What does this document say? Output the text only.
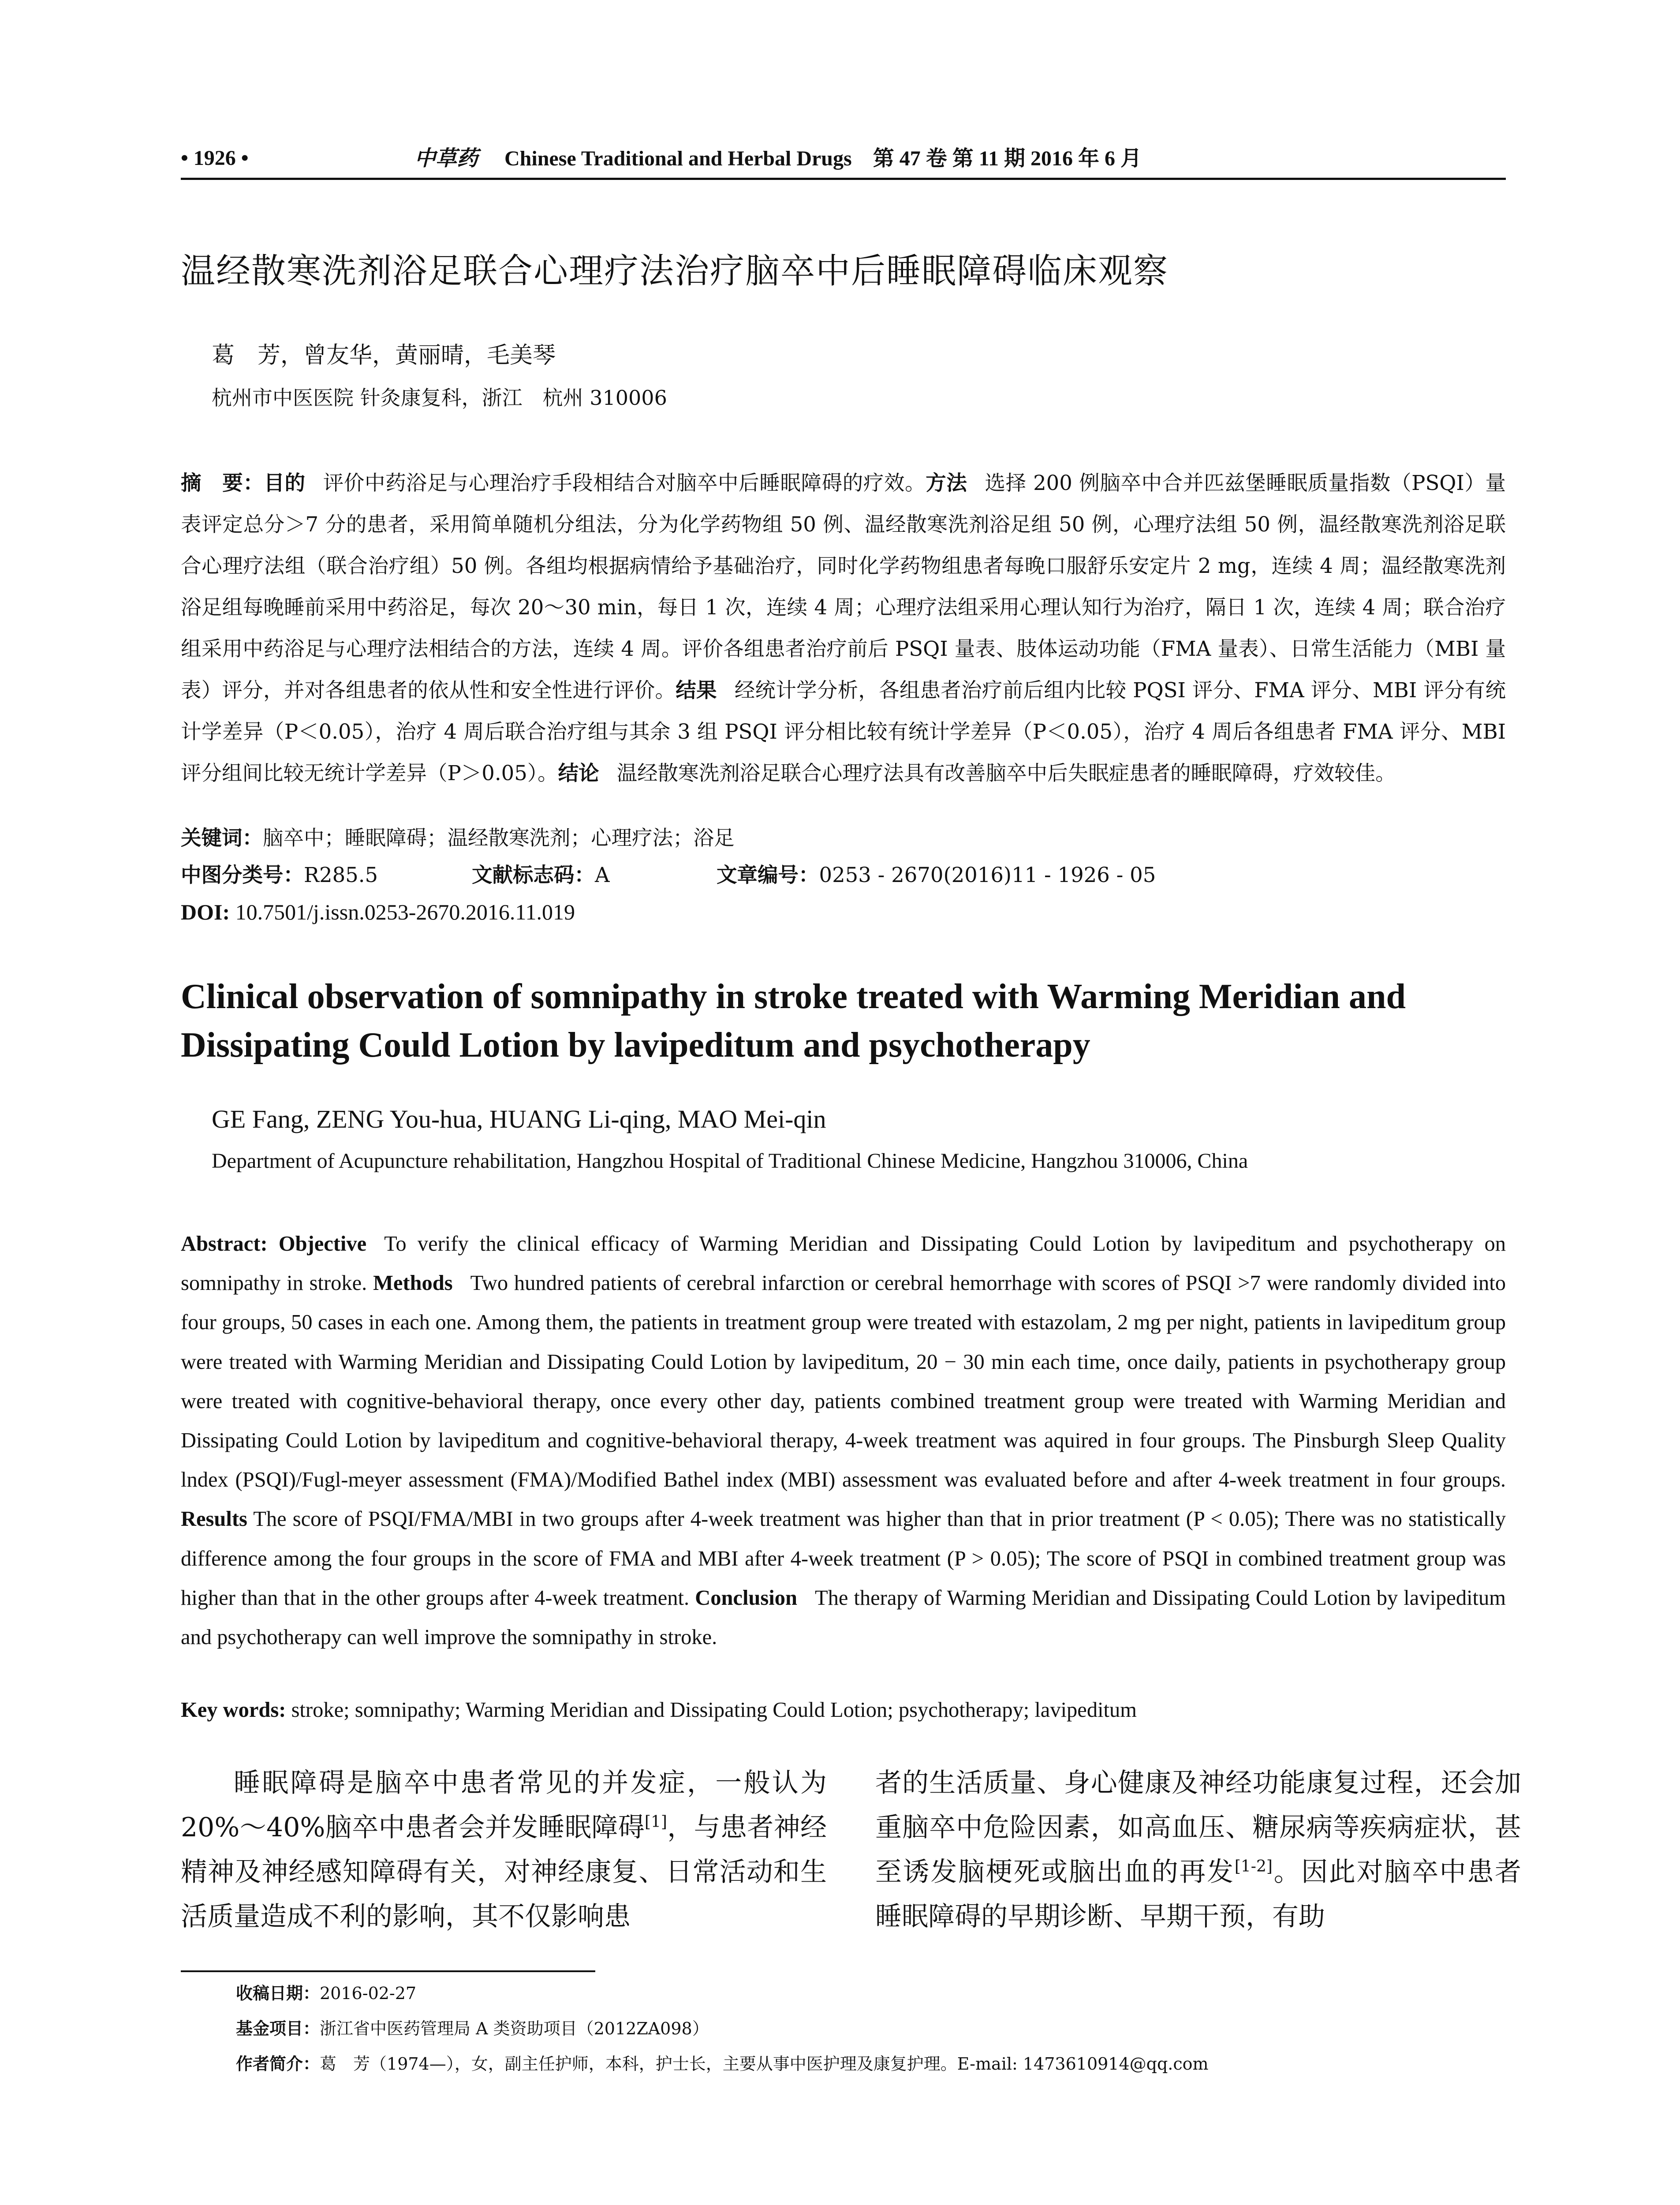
• 1926 •	中草药 Chinese Traditional and Herbal Drugs　 第 47 卷 第 11 期 2016 年 6 月
温经散寒洗剂浴足联合心理疗法治疗脑卒中后睡眠障碍临床观察
葛　芳，曾友华，黄丽晴，毛美琴
杭州市中医医院 针灸康复科，浙江　杭州 310006

摘　要：目的 评价中药浴足与心理治疗手段相结合对脑卒中后睡眠障碍的疗效。方法 选择 200 例脑卒中合并匹兹堡睡眠质量指数（PSQI）量表评定总分＞7 分的患者，采用简单随机分组法，分为化学药物组 50 例、温经散寒洗剂浴足组 50 例，心理疗法组 50 例，温经散寒洗剂浴足联合心理疗法组（联合治疗组）50 例。各组均根据病情给予基础治疗，同时化学药物组患者每晚口服舒乐安定片 2 mg，连续 4 周；温经散寒洗剂浴足组每晚睡前采用中药浴足，每次 20～30 min，每日 1 次，连续 4 周；心理疗法组采用心理认知行为治疗，隔日 1 次，连续 4 周；联合治疗组采用中药浴足与心理疗法相结合的方法，连续 4 周。评价各组患者治疗前后 PSQI 量表、肢体运动功能（FMA 量表）、日常生活能力（MBI 量表）评分，并对各组患者的依从性和安全性进行评价。结果 经统计学分析，各组患者治疗前后组内比较 PQSI 评分、FMA 评分、MBI 评分有统计学差异（P＜0.05），治疗 4 周后联合治疗组与其余 3 组 PSQI 评分相比较有统计学差异（P＜0.05），治疗 4 周后各组患者 FMA 评分、MBI 评分组间比较无统计学差异（P＞0.05）。结论 温经散寒洗剂浴足联合心理疗法具有改善脑卒中后失眠症患者的睡眠障碍，疗效较佳。

关键词：脑卒中；睡眠障碍；温经散寒洗剂；心理疗法；浴足
中图分类号：R285.5	文献标志码：A	文章编号：0253 - 2670(2016)11 - 1926 - 05
DOI: 10.7501/j.issn.0253-2670.2016.11.019
Clinical observation of somnipathy in stroke treated with Warming Meridian and Dissipating Could Lotion by lavipeditum and psychotherapy
GE Fang, ZENG You-hua, HUANG Li-qing, MAO Mei-qin
Department of Acupuncture rehabilitation, Hangzhou Hospital of Traditional Chinese Medicine, Hangzhou 310006, China

Abstract: Objective To verify the clinical efficacy of Warming Meridian and Dissipating Could Lotion by lavipeditum and psychotherapy on somnipathy in stroke. Methods Two hundred patients of cerebral infarction or cerebral hemorrhage with scores of PSQI >7 were randomly divided into four groups, 50 cases in each one. Among them, the patients in treatment group were treated with estazolam, 2 mg per night, patients in lavipeditum group were treated with Warming Meridian and Dissipating Could Lotion by lavipeditum, 20 − 30 min each time, once daily, patients in psychotherapy group were treated with cognitive-behavioral therapy, once every other day, patients combined treatment group were treated with Warming Meridian and Dissipating Could Lotion by lavipeditum and cognitive-behavioral therapy, 4-week treatment was aquired in four groups. The Pinsburgh Sleep Quality lndex (PSQI)/Fugl-meyer assessment (FMA)/Modified Bathel index (MBI) assessment was evaluated before and after 4-week treatment in four groups. Results The score of PSQI/FMA/MBI in two groups after 4-week treatment was higher than that in prior treatment (P < 0.05); There was no statistically difference among the four groups in the score of FMA and MBI after 4-week treatment (P > 0.05); The score of PSQI in combined treatment group was higher than that in the other groups after 4-week treatment. Conclusion The therapy of Warming Meridian and Dissipating Could Lotion by lavipeditum and psychotherapy can well improve the somnipathy in stroke.

Key words: stroke; somnipathy; Warming Meridian and Dissipating Could Lotion; psychotherapy; lavipeditum

睡眠障碍是脑卒中患者常见的并发症，一般认为 20%～40%脑卒中患者会并发睡眠障碍[1]，与患者神经精神及神经感知障碍有关，对神经康复、日常活动和生活质量造成不利的影响，其不仅影响患

者的生活质量、身心健康及神经功能康复过程，还会加重脑卒中危险因素，如高血压、糖尿病等疾病症状，甚至诱发脑梗死或脑出血的再发[1-2]。因此对脑卒中患者睡眠障碍的早期诊断、早期干预，有助

收稿日期：2016-02-27
基金项目：浙江省中医药管理局 A 类资助项目（2012ZA098）
作者简介：葛　芳（1974—），女，副主任护师，本科，护士长，主要从事中医护理及康复护理。E-mail: 1473610914@qq.com
